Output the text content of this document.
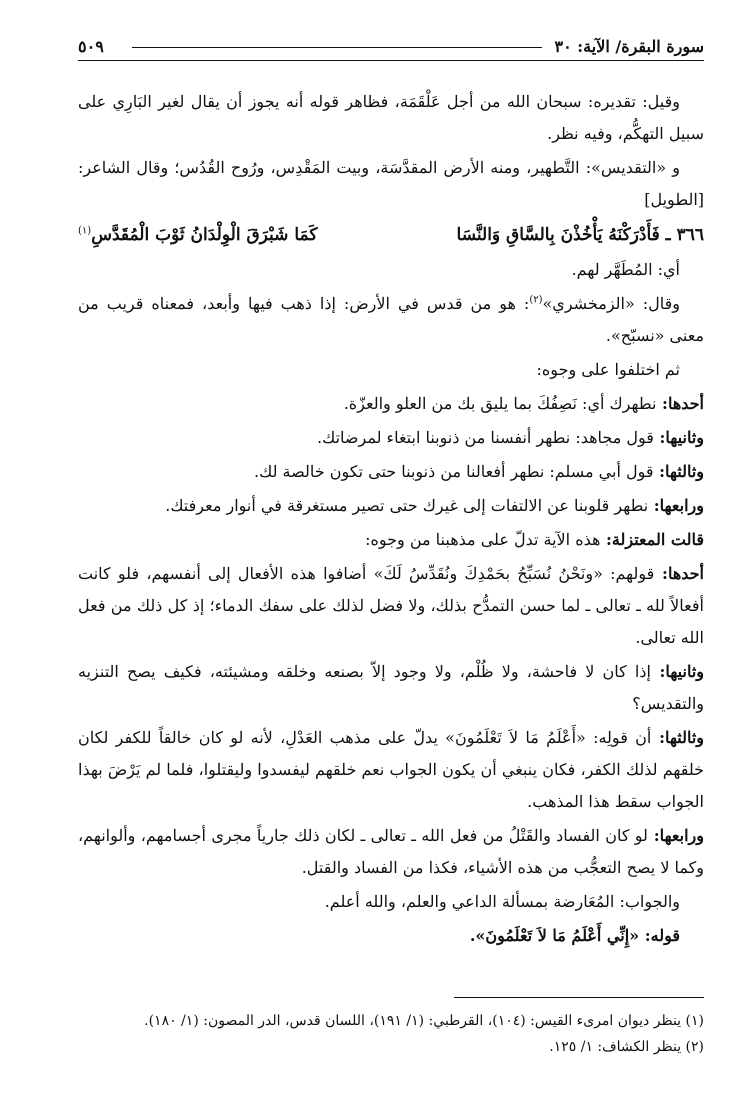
سورة البقرة/ الآية: ٣٠
٥٠٩
وقيل: تقديره: سبحان الله من أجل عَلْقَمَة، فظاهر قوله أنه يجوز أن يقال لغير البَارِي على سبيل التهكُّم، وفيه نظر.
و «التقديس»: التَّطهير، ومنه الأرض المقدَّسَة، وبيت المَقْدِس، ورُوح القُدُس؛ وقال الشاعر: [الطويل]
٣٦٦ ـ فَأَدْرَكْنَهُ يَأْخُذْنَ بِالسَّاقِ وَالنَّسَا
كَمَا شَبْرَقَ الْوِلْدَانُ ثَوْبَ الْمُقَدَّسِ$^{(١)}$
أي: المُطَهَّر لهم.
وقال: «الزمخشري»$^{(٢)}$: هو من قدس في الأرض: إذا ذهب فيها وأبعد، فمعناه قريب من معنى «نسبّح».
ثم اختلفوا على وجوه:
أحدها: نطهرك أي: نَصِفُكَ بما يليق بك من العلو والعزّة.
وثانيها: قول مجاهد: نطهر أنفسنا من ذنوبنا ابتغاء لمرضاتك.
وثالثها: قول أبي مسلم: نطهر أفعالنا من ذنوبنا حتى تكون خالصة لك.
ورابعها: نطهر قلوبنا عن الالتفات إلى غيرك حتى تصير مستغرقة في أنوار معرفتك.
قالت المعتزلة: هذه الآية تدلّ على مذهبنا من وجوه:
أحدها: قولهم: «ونَحْنُ نُسَبِّحُ بحَمْدِكَ ونُقَدِّسُ لَكَ» أضافوا هذه الأفعال إلى أنفسهم، فلو كانت أفعالاً لله ـ تعالى ـ لما حسن التمدُّح بذلك، ولا فضل لذلك على سفك الدماء؛ إذ كل ذلك من فعل الله تعالى.
وثانيها: إذا كان لا فاحشة، ولا ظُلْم، ولا وجود إلاّ بصنعه وخلقه ومشيئته، فكيف يصح التنزيه والتقديس؟
وثالثها: أن قولِه: «أَعْلَمُ مَا لاَ تَعْلَمُونَ» يدلّ على مذهب العَدْلِ، لأنه لو كان خالقاً للكفر لكان خلقهم لذلك الكفر، فكان ينبغي أن يكون الجواب نعم خلقهم ليفسدوا وليقتلوا، فلما لم يَرْضَ بهذا الجواب سقط هذا المذهب.
ورابعها: لو كان الفساد والقَتْلُ من فعل الله ـ تعالى ـ لكان ذلك جارياً مجرى أجسامهم، وألوانهم، وكما لا يصح التعجُّب من هذه الأشياء، فكذا من الفساد والقتل.
والجواب: المُعَارضة بمسألة الداعي والعلم، والله أعلم.
قوله: «إِنِّي أَعْلَمُ مَا لاَ تَعْلَمُونَ».
(١) ينظر ديوان امرىء القيس: (١٠٤)، القرطبي: (١/ ١٩١)، اللسان قدس، الدر المصون: (١/ ١٨٠).
(٢) ينظر الكشاف: ١/ ١٢٥.
